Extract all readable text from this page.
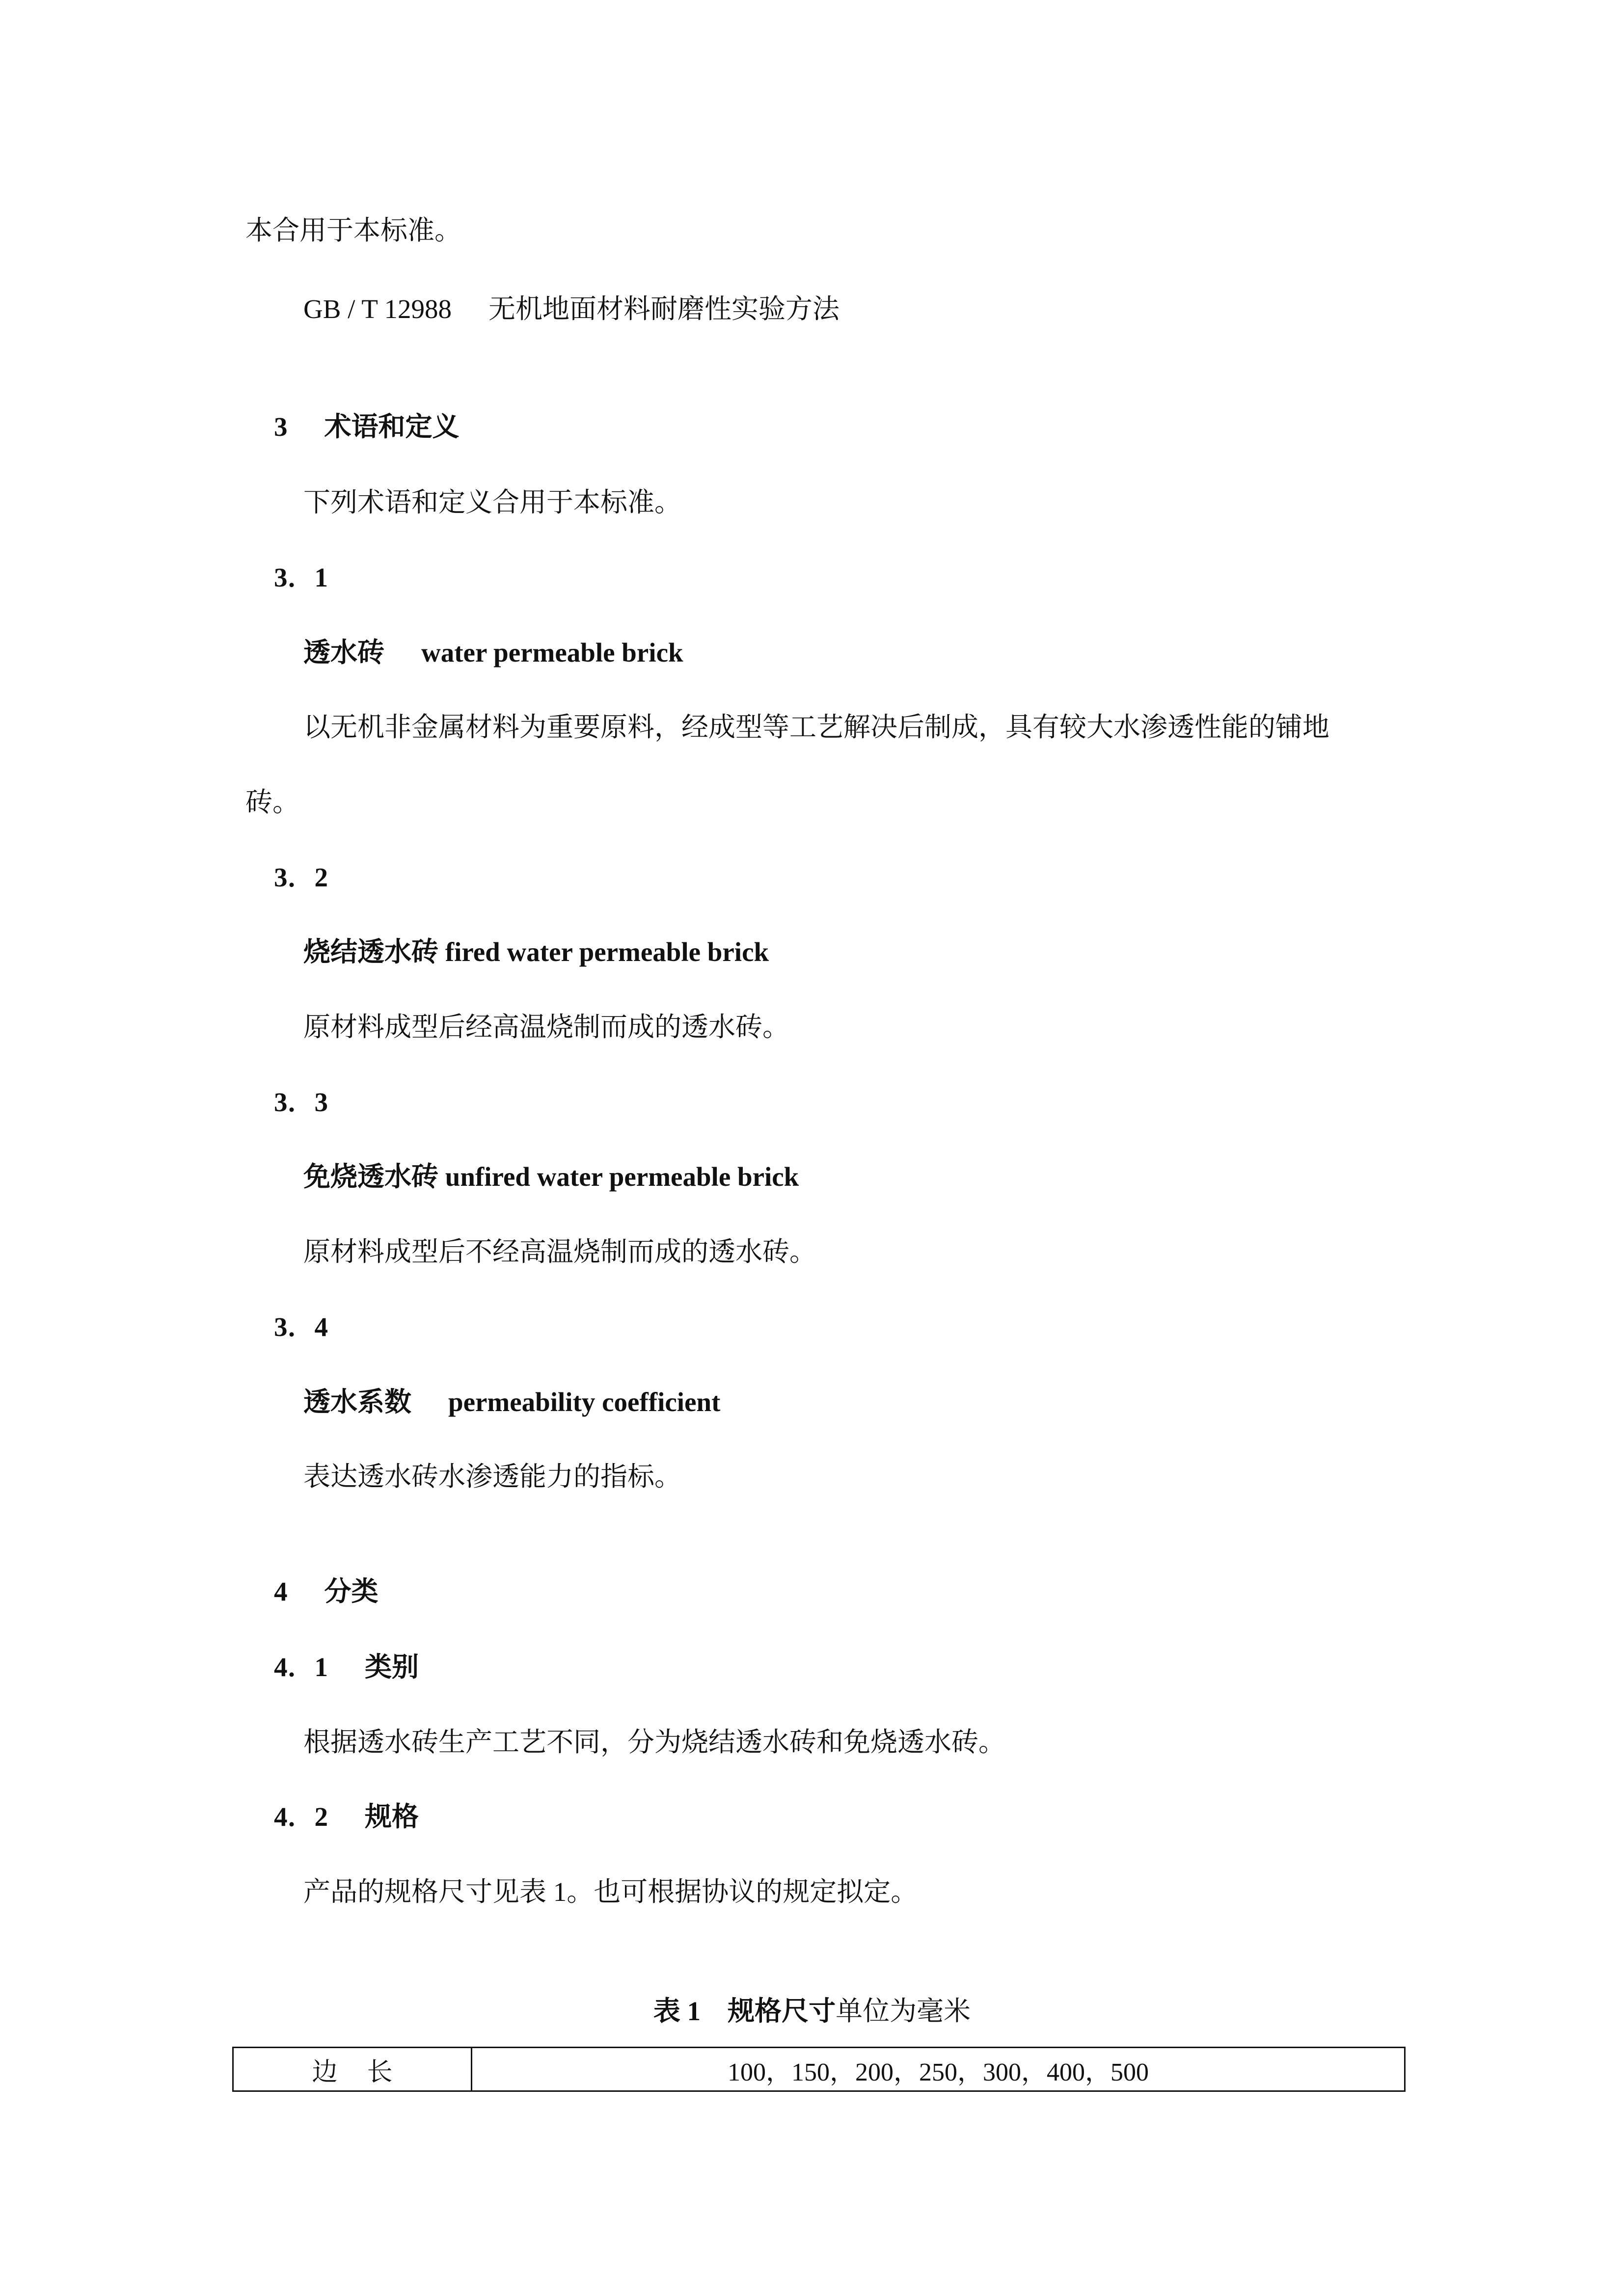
本合用于本标准。
GB / T 12988 无机地面材料耐磨性实验方法
3 术语和定义
下列术语和定义合用于本标准。
3．1
透水砖 water permeable brick
以无机非金属材料为重要原料，经成型等工艺解决后制成，具有较大水渗透性能的铺地
砖。
3．2
烧结透水砖 fired water permeable brick
原材料成型后经高温烧制而成的透水砖。
3．3
免烧透水砖 unfired water permeable brick
原材料成型后不经高温烧制而成的透水砖。
3．4
透水系数 permeability coefficient
表达透水砖水渗透能力的指标。
4 分类
4．1 类别
根据透水砖生产工艺不同，分为烧结透水砖和免烧透水砖。
4．2 规格
产品的规格尺寸见表 1。也可根据协议的规定拟定。
表 1　规格尺寸单位为毫米
边长	100，150，200，250，300，400，500
